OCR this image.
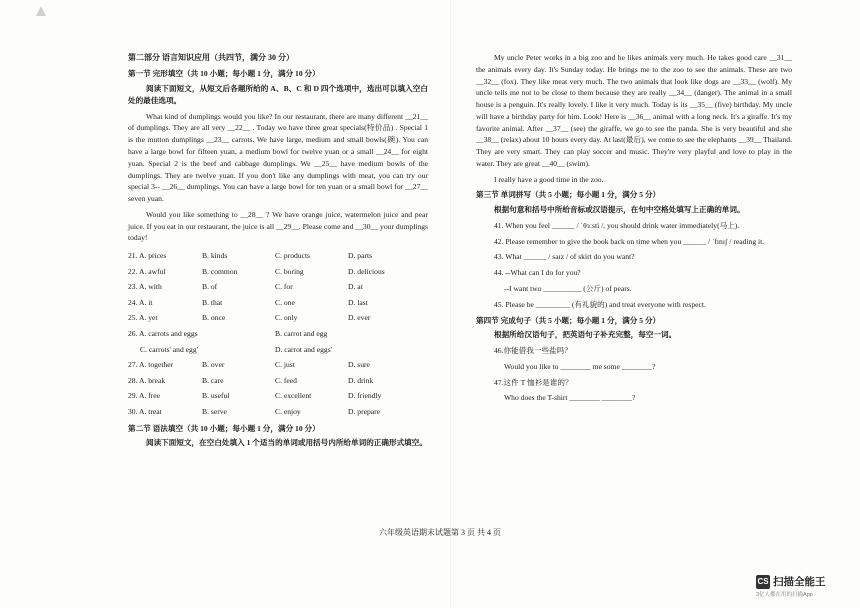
第二部分 语言知识应用（共四节，满分 30 分）
第一节 完形填空（共 10 小题；每小题 1 分，满分 10 分）
阅读下面短文，从短文后各题所给的 A、B、C 和 D 四个选项中，选出可以填入空白处的最佳选项。
What kind of dumplings would you like? In our restaurant, there are many different __21__ of dumplings. They are all very __22__ . Today we have three great specials(特价品) . Special 1 is the mutton dumplings __23__ carrots. We have large, medium and small bowls(碗). You can have a large bowl for fifteen yuan, a medium bowl for twelve yuan or a small __24__ for eight yuan. Special 2 is the beef and cabbage dumplings. We __25__ have medium bowls of the dumplings. They are twelve yuan. If you don't like any dumplings with meat, you can try our special 3-- __26__ dumplings. You can have a large bowl for ten yuan or a small bowl for __27__ seven yuan.
Would you like something to __28__ ? We have orange juice, watermelon juice and pear juice. If you eat in our restaurant, the juice is all __29__. Please come and __30__ your dumplings today!
21. A. prices	B. kinds	C. products	D. parts
22. A. awful	B. common	C. boring	D. delicious
23. A. with	B. of	C. for	D. at
24. A. it	B. that	C. one	D. last
25. A. yet	B. once	C. only	D. ever
26. A. carrots and eggs	B. carrot and egg
C. carrots' and egg'	D. carrot and eggs'
27. A. together	B. over	C. just	D. sure
28. A. break	B. care	C. feed	D. drink
29. A. free	B. useful	C. excellent	D. friendly
30. A. treat	B. serve	C. enjoy	D. prepare
第二节 语法填空（共 10 小题；每小题 1 分，满分 10 分）
阅读下面短文，在空白处填入 1 个适当的单词或用括号内所给单词的正确形式填空。
My uncle Peter works in a big zoo and he likes animals very much. He takes good care __31__ the animals every day. It's Sunday today. He brings me to the zoo to see the animals. These are two __32__ (fox). They like meat very much. The two animals that look like dogs are __33__ (wolf). My uncle tells me not to be close to them because they are really __34__ (danger). The animal in a small house is a penguin. It's really lovely. I like it very much. Today is its __35__ (five) birthday. My uncle will have a birthday party for him. Look! Here is __36__ animal with a long neck. It's a giraffe. It's my favorite animal. After __37__ (see) the giraffe, we go to see the panda. She is very beautiful and she __38__ (relax) about 10 hours every day. At last(最后), we come to see the elephants __39__ Thailand. They are very smart. They can play soccer and music. They're very playful and love to play in the water. They are great __40__ (swim).
I really have a good time in the zoo.
第三节 单词拼写（共 5 小题；每小题 1 分，满分 5 分）
根据句意和括号中所给音标或汉语提示，在句中空格处填写上正确的单词。
41. When you feel ______ / ˈθɜːsti /, you should drink water immediately(马上).
42. Please remember to give the book back on time when you ______ / ˈfɪnɪʃ / reading it.
43. What ______ / saɪz / of skirt do you want?
44. --What can I do for you?
--I want two __________ (公斤) of pears.
45. Please be _________ (有礼貌的) and treat everyone with respect.
第四节 完成句子（共 5 小题；每小题 1 分，满分 5 分）
根据所给汉语句子，把英语句子补充完整，每空一词。
46.你能借我一些盐吗？
Would you like to ________ me some ________?
47.这件 T 恤衫是谁的？
Who does the T-shirt ________ ________?
六年级英语期末试题第 3 页 共 4 页
CS 扫描全能王
3亿人都在用的扫描App
